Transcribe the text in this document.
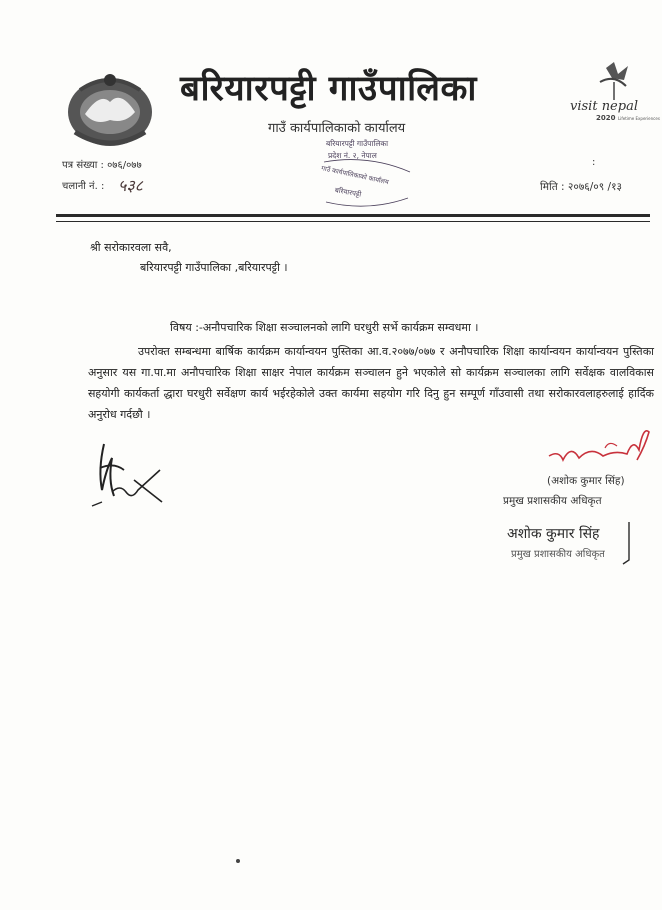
बरियारपट्टी गाउँपालिका
गाउँ कार्यपालिकाको कार्यालय
visit nepal
2020 Lifetime Experiences
पत्र संख्या : ०७६/०७७
चलानी नं. : ५३८	मिति : २०७६/०९ /१३
:
बरियारपट्टी गाउँपालिका
प्रदेश नं. २, नेपाल
गाउँ कार्यपालिकाको कार्यालय
बरियारपट्टी
श्री सरोकारवला सवै,
बरियारपट्टी गाउँपालिका ,बरियारपट्टी ।
विषय :-अनौपचारिक शिक्षा सञ्चालनको लागि घरधुरी सर्भे कार्यक्रम सम्वधमा ।
उपरोक्त सम्बन्धमा बार्षिक कार्यक्रम कार्यान्वयन पुस्तिका आ.व.२०७७/०७७ र अनौपचारिक शिक्षा कार्यान्वयन कार्यान्वयन पुस्तिका अनुसार यस गा.पा.मा अनौपचारिक शिक्षा साक्षर नेपाल कार्यक्रम सञ्चालन हुने भएकोले सो कार्यक्रम सञ्चालका लागि सर्वेक्षक वालविकास सहयोगी कार्यकर्ता द्धारा घरधुरी सर्वेक्षण कार्य भईरहेकोले उक्त कार्यमा सहयोग गरि दिनु हुन सम्पूर्ण गाँउवासी तथा सरोकारवलाहरुलाई हार्दिक अनुरोध गर्दछौ ।
(अशोक कुमार सिंह)
प्रमुख प्रशासकीय अधिकृत
अशोक कुमार सिंह
प्रमुख प्रशासकीय अधिकृत
